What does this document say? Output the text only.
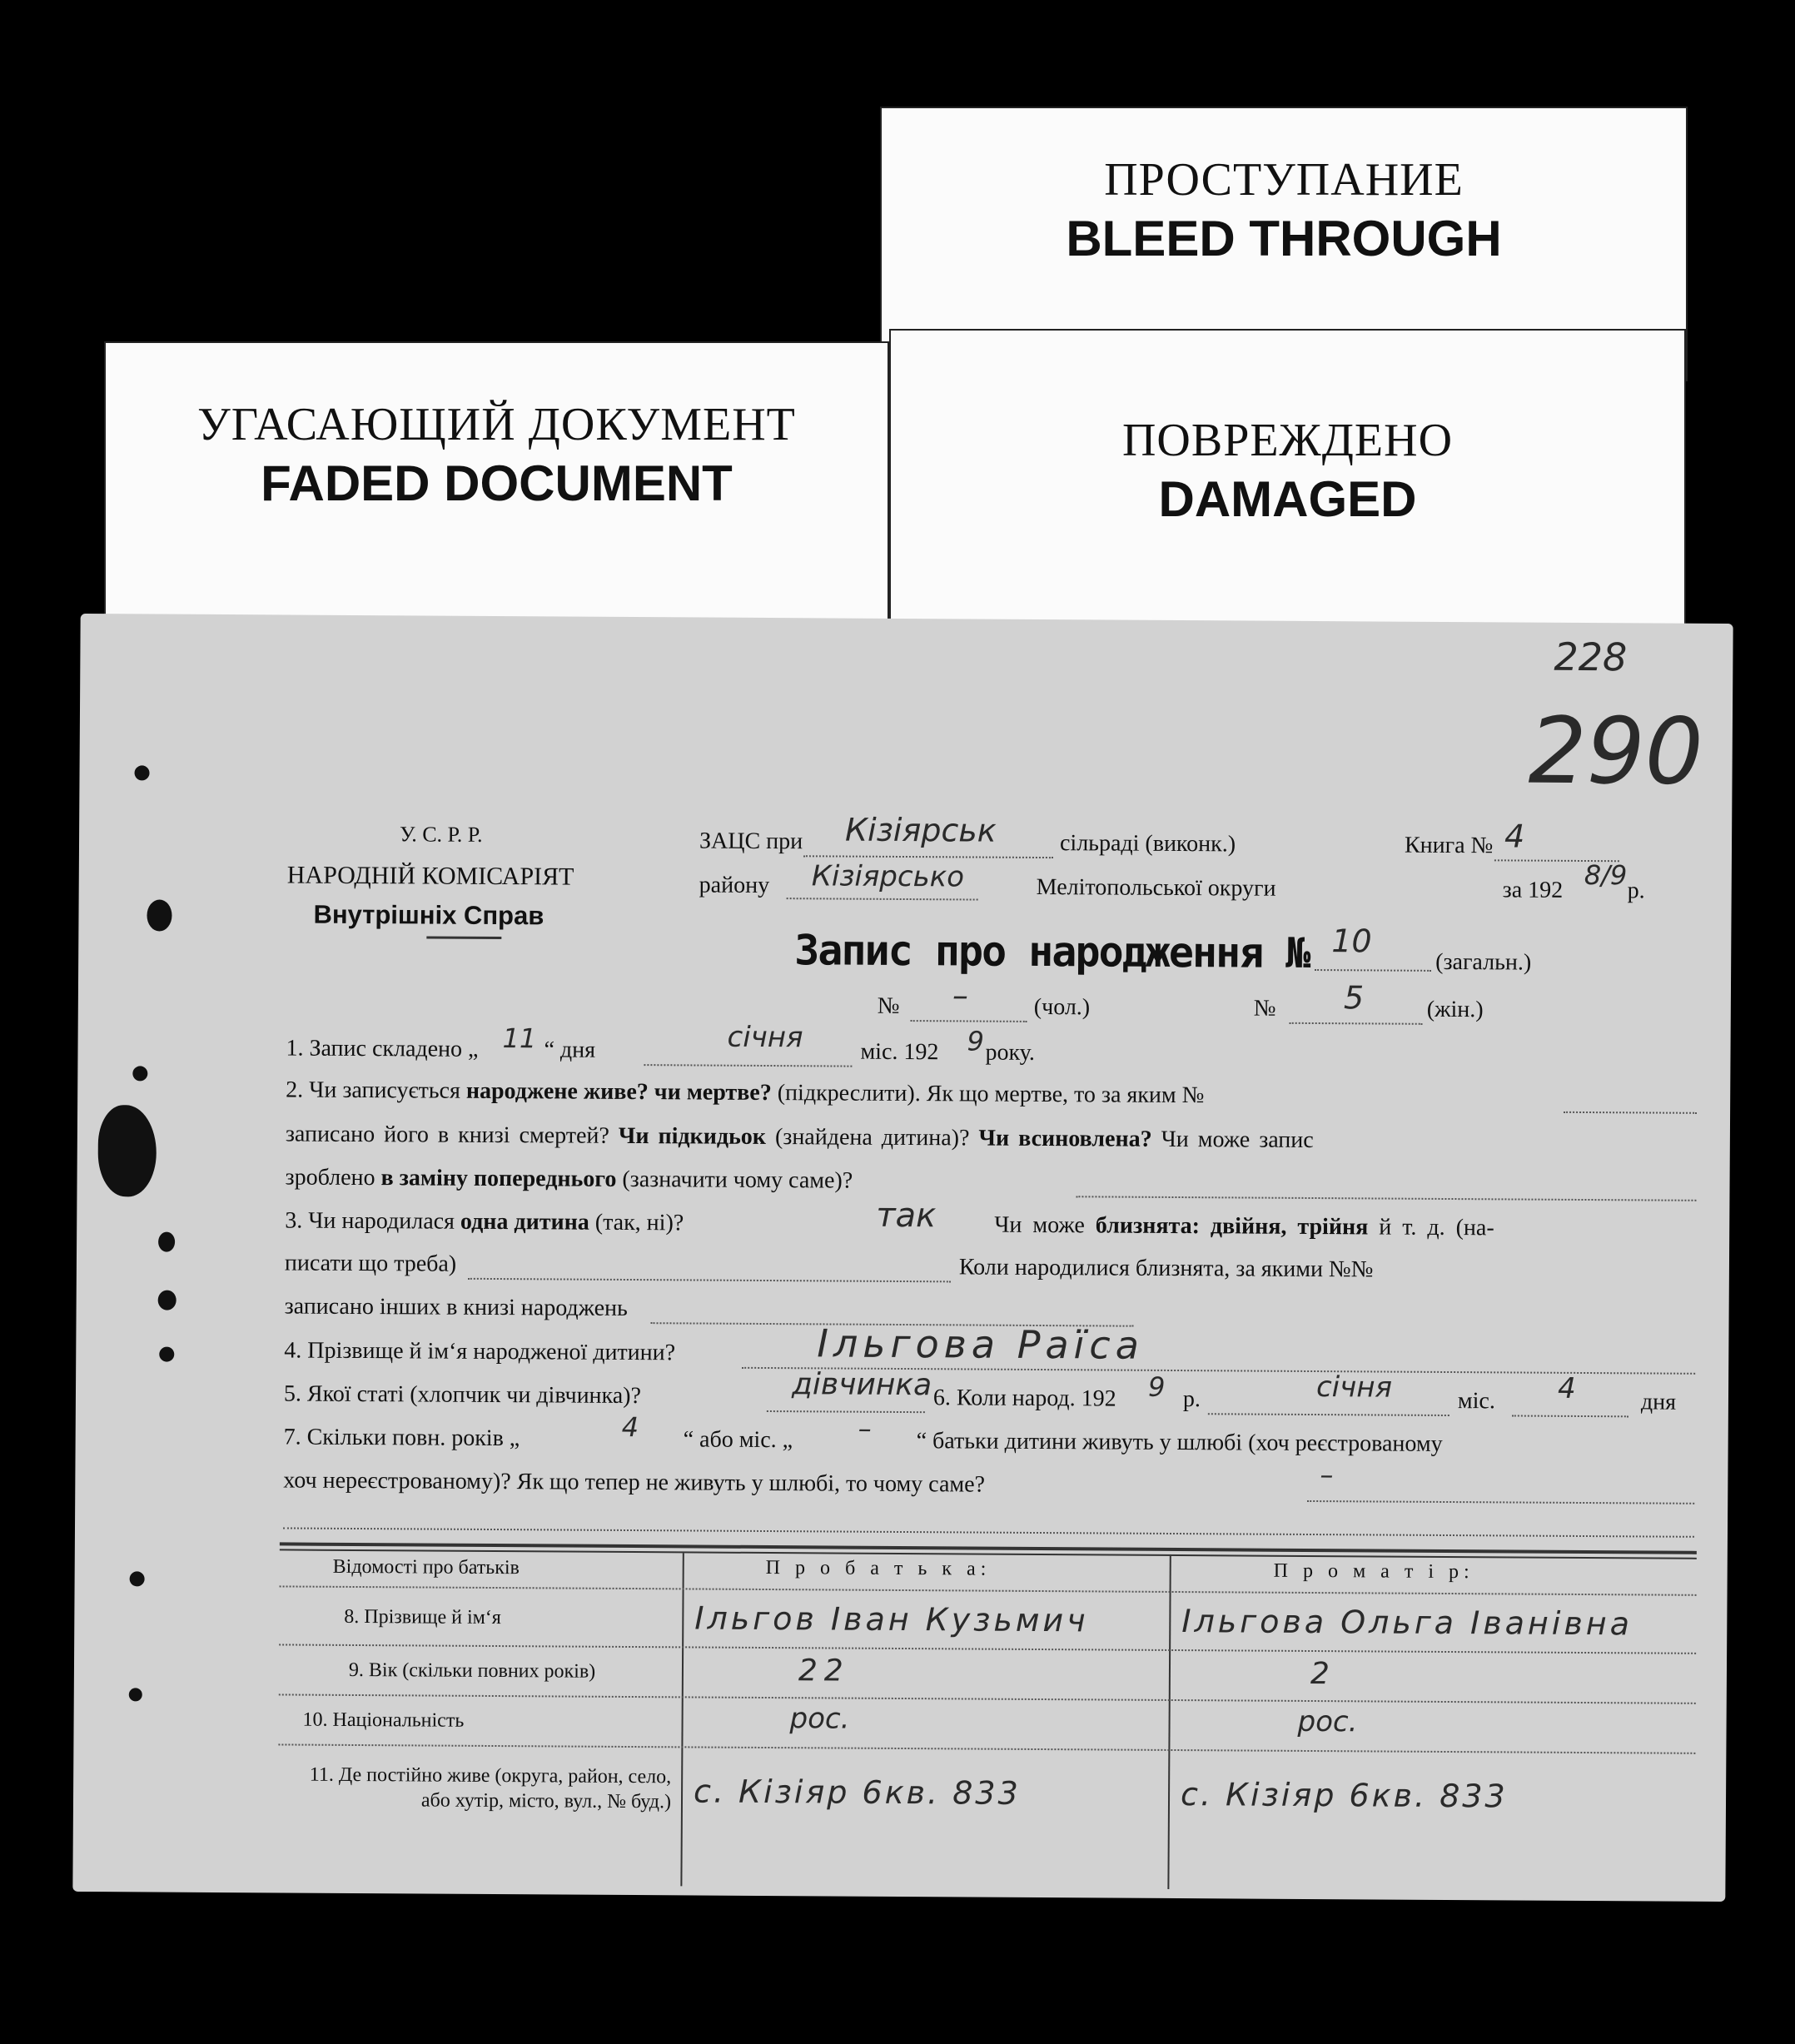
ПРОСТУПАНИЕ
BLEED THROUGH
ПОВРЕЖДЕНО
DAMAGED
УГАСАЮЩИЙ ДОКУМЕНТ
FADED DOCUMENT
228
290
У. С. Р. Р.
НАРОДНІЙ КОМІСАРІЯТ
Внутрішніх Справ
ЗАЦС при Кізіярськ	сільраді (виконк.)	Книга № 4
району Кізіярсько	Мелітопольської округи	за 192 8/9 р.
Запис про народження № 10
(загальн.)
№ –	(чол.)	№ 5	(жін.)
1. Запис складено „ 11 “ дня	січня міс. 192 9 року.
2. Чи записується народжене живе? чи мертве? (підкреслити). Як що мертве, то за яким №
записано його в книзі смертей? Чи підкидьок (знайдена дитина)? Чи всиновлена? Чи може запис
зроблено в заміну попереднього (зазначити чому саме)?
3. Чи народилася одна дитина (так, ні)?	так Чи може близнята: двійня, трійня й т. д. (на-
писати що треба)	Коли народилися близнята, за якими №№
записано інших в книзі народжень
4. Прізвище й ім‘я народженої дитини?	Ільгова Раїса
5. Якої статі (хлопчик чи дівчинка)?	дівчинка 6. Коли народ. 192 9 р.	січня	міс. 4	дня
7. Скільки повн. років „	4 “ або міс. „ – “ батьки дитини живуть у шлюбі (хоч реєстрованому
хоч нереєстрованому)? Як що тепер не живуть у шлюбі, то чому саме?	–
Відомості про батьків	П р о б а т ь к а:	П р о м а т і р:
8. Прізвище й ім‘я	Ільгов Іван Кузьмич	Ільгова Ольга Іванівна
9. Вік (скільки повних років)	22	2
10. Національність	рос.	рос.
11. Де постійно живе (округа, район, село, або хутір, місто, вул., № буд.) с. Кізіяр 6кв. 833	с. Кізіяр 6кв. 833
